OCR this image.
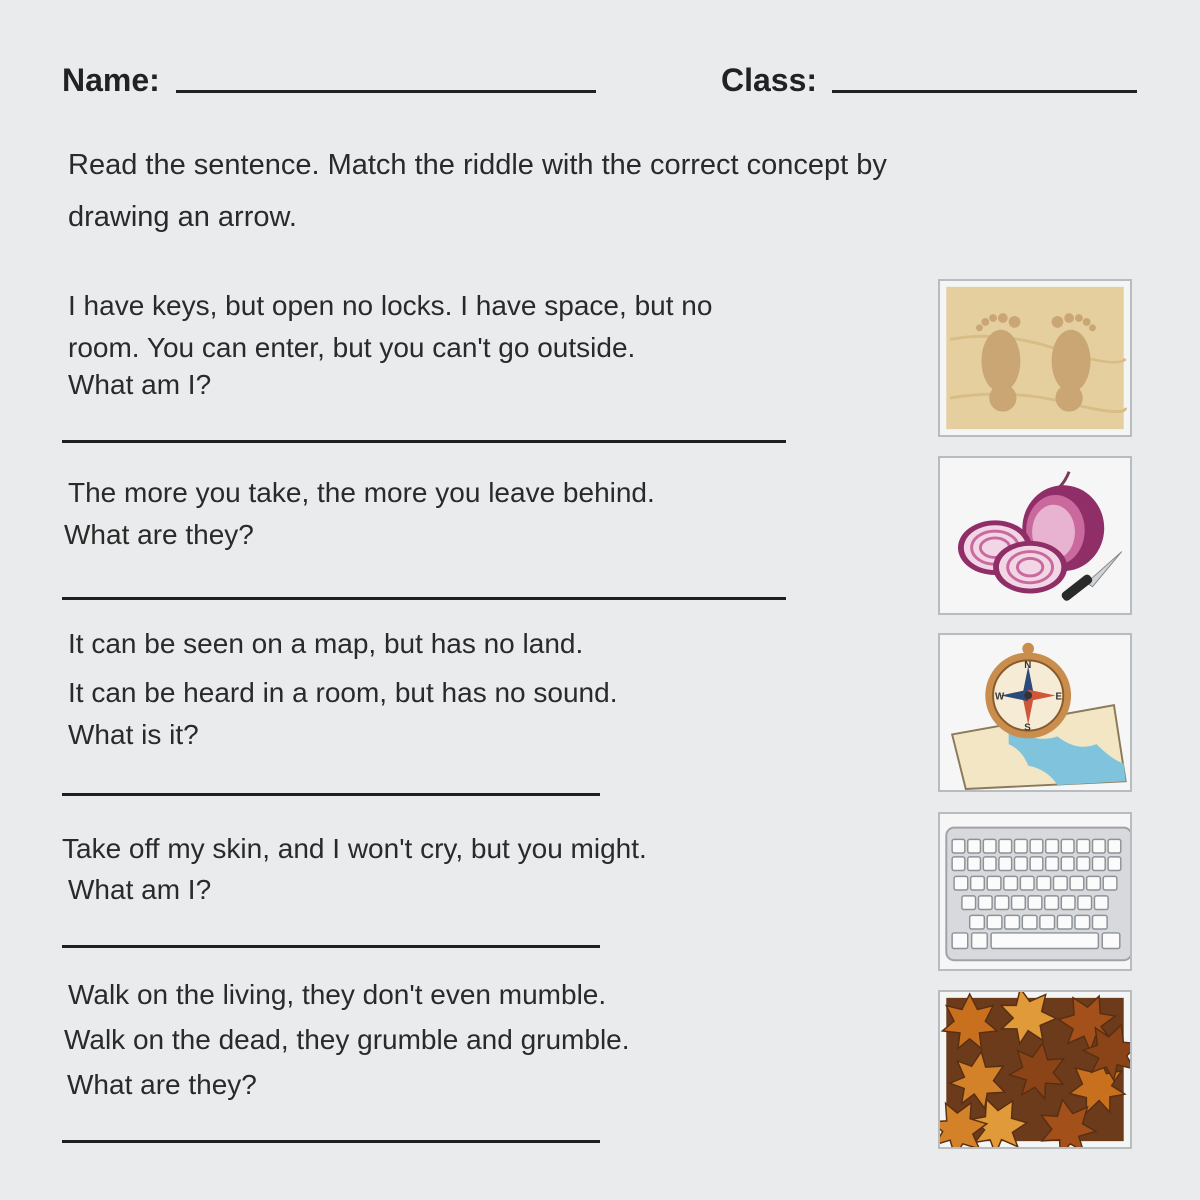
Name:	Class:
Read the sentence. Match the riddle with the correct concept by
drawing an arrow.
I have keys, but open no locks. I have space, but no
room. You can enter, but you can't go outside.
What am I?
The more you take, the more you leave behind.
What are they?
It can be seen on a map, but has no land.
It can be heard in a room, but has no sound.
What is it?
Take off my skin, and I won't cry, but you might.
What am I?
Walk on the living, they don't even mumble.
Walk on the dead, they grumble and grumble.
What are they?
N
E
S
W
